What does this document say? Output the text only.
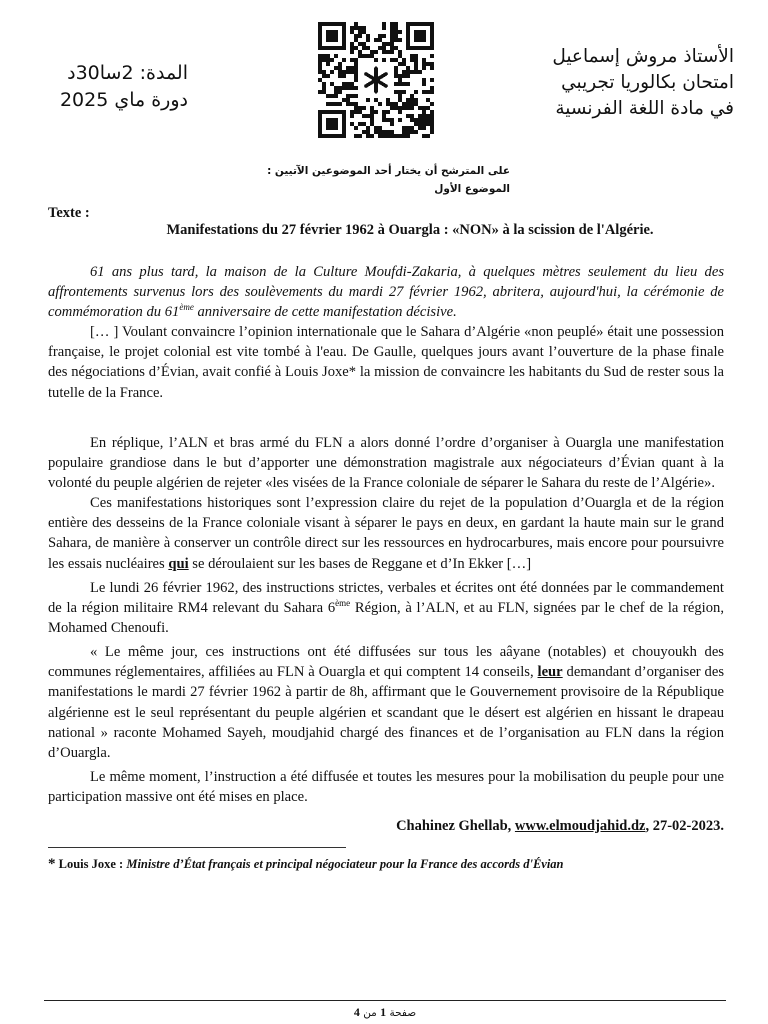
المدة: 2سا30د
دورة ماي 2025
الأستاذ مروش إسماعيل
امتحان بكالوريا تجريبي
في مادة اللغة الفرنسية
على المترشح أن يختار أحد الموضوعين الآتيين :
الموضوع الأول
Texte :
Manifestations du 27 février 1962 à Ouargla : «NON» à la scission de l'Algérie.

61 ans plus tard, la maison de la Culture Moufdi-Zakaria, à quelques mètres seulement du lieu des affrontements survenus lors des soulèvements du mardi 27 février 1962, abritera, aujourd'hui, la cérémonie de commémoration du 61ème anniversaire de cette manifestation décisive.

[… ] Voulant convaincre l’opinion internationale que le Sahara d’Algérie «non peuplé» était une possession française, le projet colonial est vite tombé à l'eau. De Gaulle, quelques jours avant l’ouverture de la phase finale des négociations d’Évian, avait confié à Louis Joxe* la mission de convaincre les habitants du Sud de rester sous la tutelle de la France.

En réplique, l’ALN et bras armé du FLN a alors donné l’ordre d’organiser à Ouargla une manifestation populaire grandiose dans le but d’apporter une démonstration magistrale aux négociateurs d’Évian quant à la volonté du peuple algérien de rejeter «les visées de la France coloniale de séparer le Sahara du reste de l’Algérie».

Ces manifestations historiques sont l’expression claire du rejet de la population d’Ouargla et de la région entière des desseins de la France coloniale visant à séparer le pays en deux, en gardant la haute main sur le grand Sahara, de manière à conserver un contrôle direct sur les ressources en hydrocarbures, mais encore pour poursuivre les essais nucléaires qui se déroulaient sur les bases de Reggane et d’In Ekker […]

Le lundi 26 février 1962, des instructions strictes, verbales et écrites ont été données par le commandement de la région militaire RM4 relevant du Sahara 6ème Région, à l’ALN, et au FLN, signées par le chef de la région, Mohamed Chenoufi.

« Le même jour, ces instructions ont été diffusées sur tous les aâyane (notables) et chouyoukh des communes réglementaires, affiliées au FLN à Ouargla et qui comptent 14 conseils, leur demandant d’organiser des manifestations le mardi 27 février 1962 à partir de 8h, affirmant que le Gouvernement provisoire de la République algérienne est le seul représentant du peuple algérien et scandant que le désert est algérien en hissant le drapeau national » raconte Mohamed Sayeh, moudjahid chargé des finances et de l’organisation au FLN dans la région d’Ouargla.

Le même moment, l’instruction a été diffusée et toutes les mesures pour la mobilisation du peuple pour une participation massive ont été mises en place.

Chahinez Ghellab, www.elmoudjahid.dz, 27-02-2023.
* Louis Joxe : Ministre d’État français et principal négociateur pour la France des accords d'Évian
صفحة 1 من 4
